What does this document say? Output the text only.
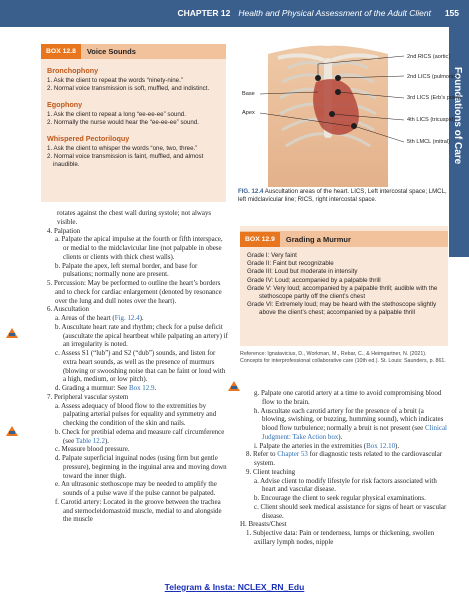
CHAPTER 12 Health and Physical Assessment of the Adult Client 155
Foundations of Care
BOX 12.8	Voice Sounds
Bronchophony
1. Ask the client to repeat the words “ninety-nine.”
2. Normal voice transmission is soft, muffled, and indistinct.
Egophony
1. Ask the client to repeat a long “ee-ee-ee” sound.
2. Normally the nurse would hear the “ee-ee-ee” sound.
Whispered Pectoriloquy
1. Ask the client to whisper the words “one, two, three.”
2. Normal voice transmission is faint, muffled, and almost inaudible.
2nd RICS (aortic)
2nd LICS (pulmonic)
3rd LICS (Erb’s point)
4th LICS (tricuspid)
5th LMCL (mitral)
Base
Apex
FIG. 12.4 Auscultation areas of the heart. LICS, Left intercostal space; LMCL, left midclavicular line; RICS, right intercostal space.

rotates against the chest wall during systole; not always visible.

4. Palpation

a. Palpate the apical impulse at the fourth or fifth interspace, or medial to the midclavicular line (not palpable in obese clients or clients with thick chest walls).

b. Palpate the apex, left sternal border, and base for pulsations; normally none are present.

5. Percussion: May be performed to outline the heart’s borders and to check for cardiac enlargement (denoted by resonance over the lung and dull notes over the heart).

6. Auscultation

a. Areas of the heart (Fig. 12.4).

b. Auscultate heart rate and rhythm; check for a pulse deficit (auscultate the apical heartbeat while palpating an artery) if an irregularity is noted.

c. Assess S1 (“lub”) and S2 (“dub”) sounds, and listen for extra heart sounds, as well as the presence of murmurs (blowing or swooshing noise that can be faint or loud with a high, medium, or low pitch).

d. Grading a murmur: See Box 12.9.

7. Peripheral vascular system

a. Assess adequacy of blood flow to the extremities by palpating arterial pulses for equality and symmetry and checking the condition of the skin and nails.

b. Check for pretibial edema and measure calf circumference (see Table 12.2).

c. Measure blood pressure.

d. Palpate superficial inguinal nodes (using firm but gentle pressure), beginning in the inguinal area and moving down toward the inner thigh.

e. An ultrasonic stethoscope may be needed to amplify the sounds of a pulse wave if the pulse cannot be palpated.

f. Carotid artery: Located in the groove between the trachea and sternocleidomastoid muscle, medial to and alongside the muscle

BOX 12.9	Grading a Murmur
Grade I: Very faint
Grade II: Faint but recognizable
Grade III: Loud but moderate in intensity
Grade IV: Loud; accompanied by a palpable thrill
Grade V: Very loud; accompanied by a palpable thrill; audible with the stethoscope partly off the client’s chest
Grade VI: Extremely loud; may be heard with the stethoscope slightly above the client’s chest; accompanied by a palpable thrill
Reference: Ignatavicius, D., Workman, M., Rebar, C., & Heimgartner, N. (2021). Concepts for interprofessional collaborative care (10th ed.). St. Louis: Saunders, p. 861.

g. Palpate one carotid artery at a time to avoid compromising blood flow to the brain.

h. Auscultate each carotid artery for the presence of a bruit (a blowing, swishing, or buzzing, humming sound), which indicates blood flow turbulence; normally a bruit is not present (see Clinical Judgment: Take Action box).

i. Palpate the arteries in the extremities (Box 12.10).

8. Refer to Chapter 53 for diagnostic tests related to the cardiovascular system.

9. Client teaching

a. Advise client to modify lifestyle for risk factors associated with heart and vascular disease.

b. Encourage the client to seek regular physical examinations.

c. Client should seek medical assistance for signs of heart or vascular disease.

H. Breasts/Chest

1. Subjective data: Pain or tenderness, lumps or thickening, swollen axillary lymph nodes, nipple

Telegram & Insta: NCLEX_RN_Edu
